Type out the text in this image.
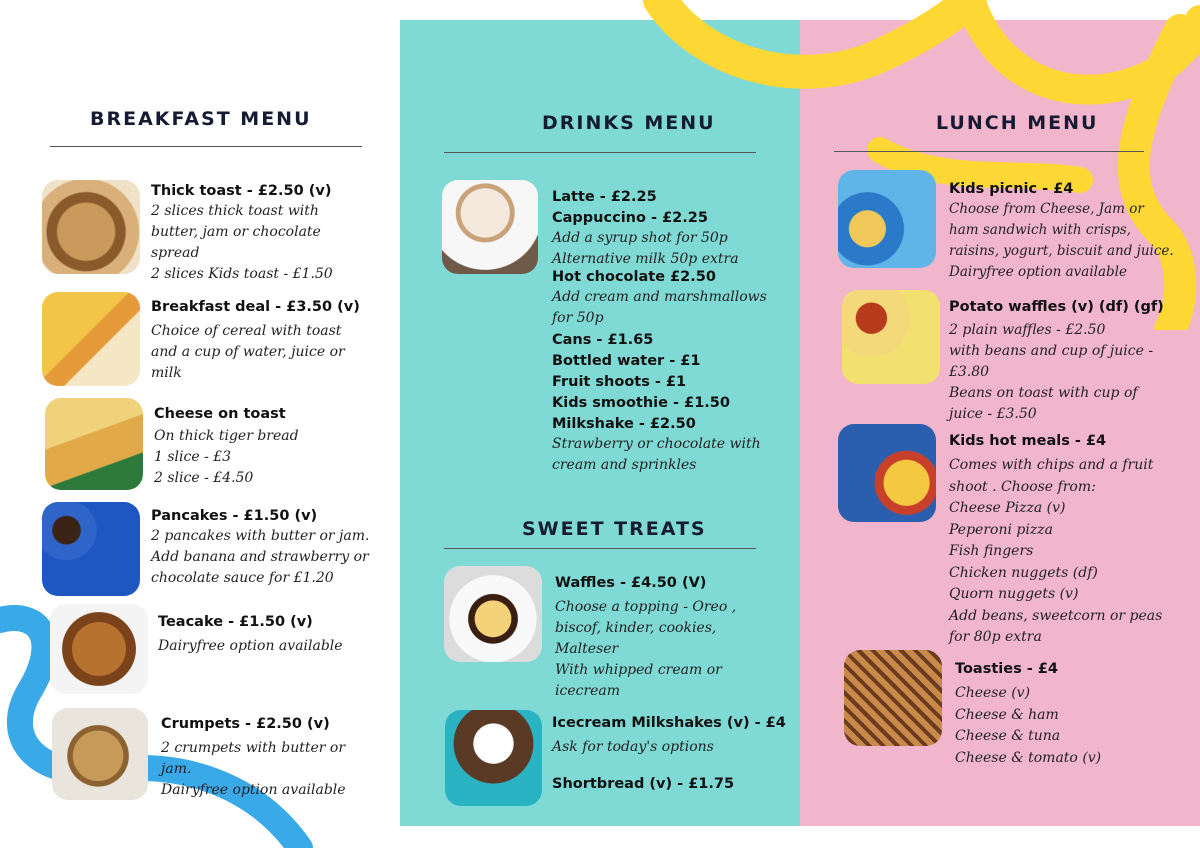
BREAKFAST MENU
Thick toast - £2.50 (v)
2 slices thick toast with
butter, jam or chocolate
spread
2 slices Kids toast - £1.50
Breakfast deal - £3.50 (v)
Choice of cereal with toast
and a cup of water, juice or
milk
Cheese on toast
On thick tiger bread
1 slice - £3
2 slice - £4.50
Pancakes - £1.50 (v)
2 pancakes with butter or jam.
Add banana and strawberry or
chocolate sauce for £1.20
Teacake - £1.50 (v)
Dairyfree option available
Crumpets - £2.50 (v)
2 crumpets with butter or
jam.
Dairyfree option available
DRINKS MENU
Latte - £2.25
Cappuccino - £2.25
Add a syrup shot for 50p
Alternative milk 50p extra
Hot chocolate £2.50
Add cream and marshmallows
for 50p
Cans - £1.65
Bottled water - £1
Fruit shoots - £1
Kids smoothie - £1.50
Milkshake - £2.50
Strawberry or chocolate with
cream and sprinkles
SWEET TREATS
Waffles - £4.50 (V)
Choose a topping - Oreo ,
biscof, kinder, cookies,
Malteser
With whipped cream or
icecream
Icecream Milkshakes (v) - £4
Ask for today's options
Shortbread (v) - £1.75
LUNCH MENU
Kids picnic - £4
Choose from Cheese, Jam or
ham sandwich with crisps,
raisins, yogurt, biscuit and juice.
Dairyfree option available
Potato waffles (v) (df) (gf)
2 plain waffles - £2.50
with beans and cup of juice -
£3.80
Beans on toast with cup of
juice - £3.50
Kids hot meals - £4
Comes with chips and a fruit
shoot . Choose from:
Cheese Pizza (v)
Peperoni pizza
Fish fingers
Chicken nuggets (df)
Quorn nuggets (v)
Add beans, sweetcorn or peas
for 80p extra
Toasties - £4
Cheese (v)
Cheese & ham
Cheese & tuna
Cheese & tomato (v)
